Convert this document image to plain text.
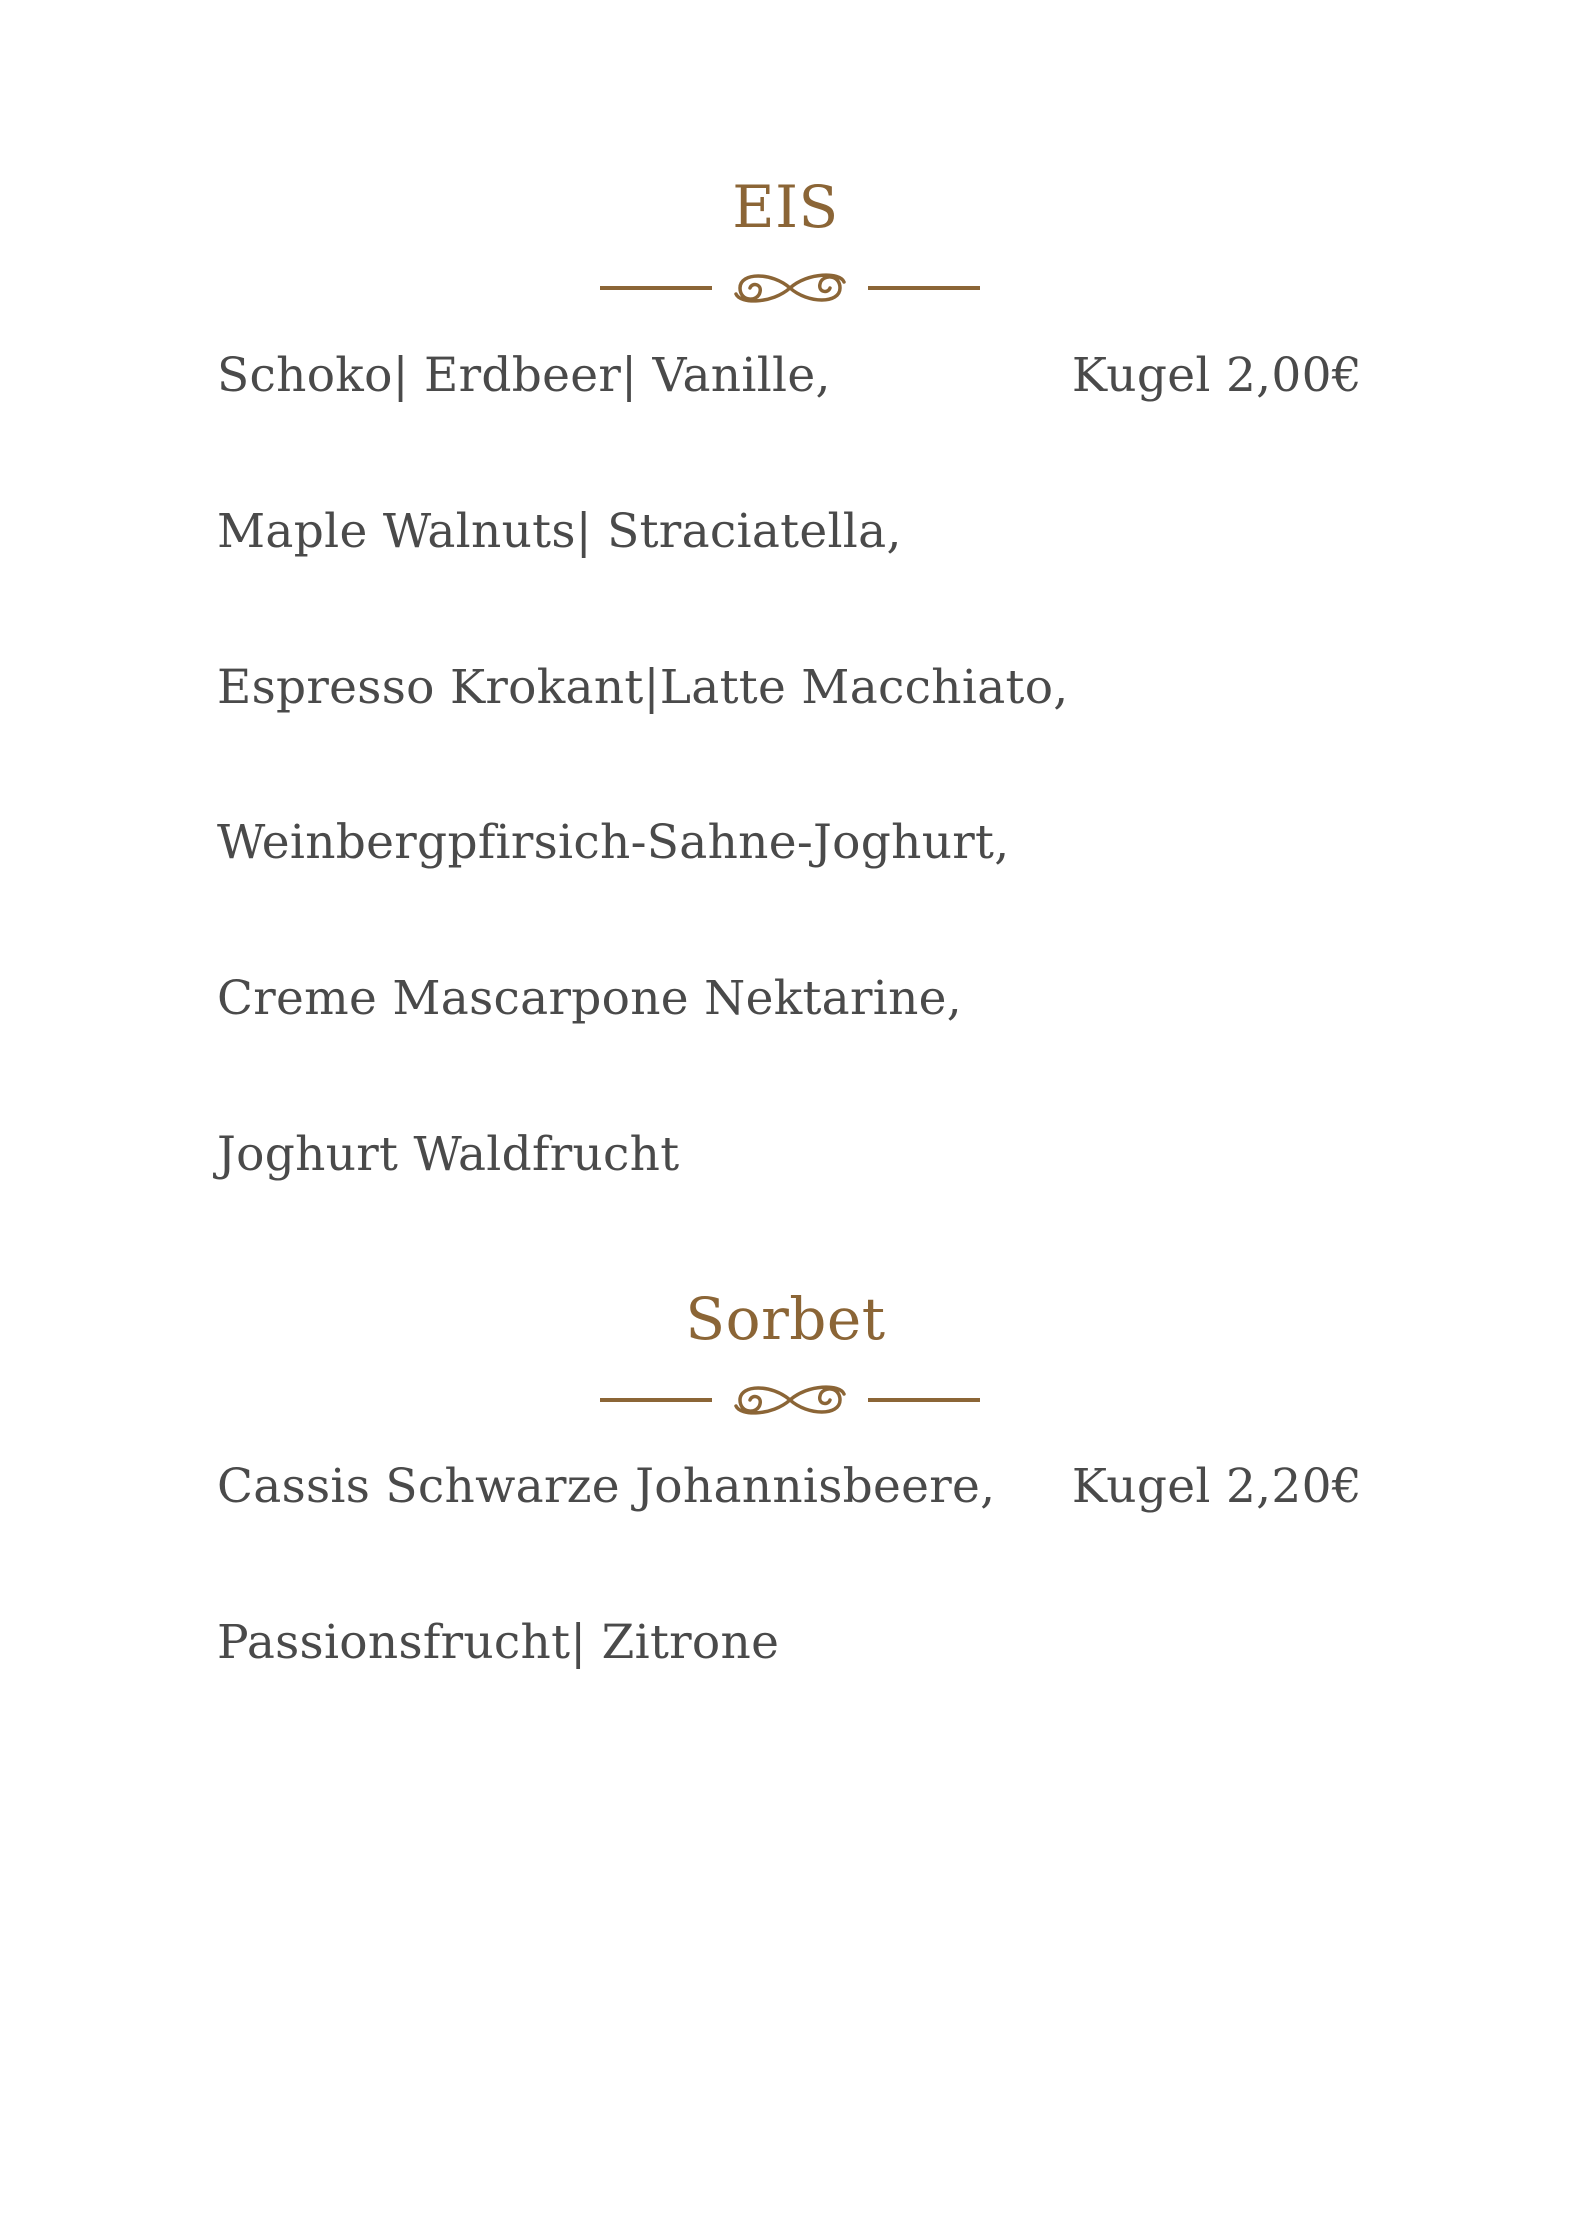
EIS
Schoko| Erdbeer| Vanille,	Kugel 2,00€
Maple Walnuts| Straciatella,
Espresso Krokant|Latte Macchiato,
Weinbergpfirsich-Sahne-Joghurt,
Creme Mascarpone Nektarine,
Joghurt Waldfrucht
Sorbet
Cassis Schwarze Johannisbeere, Kugel 2,20€
Passionsfrucht| Zitrone
